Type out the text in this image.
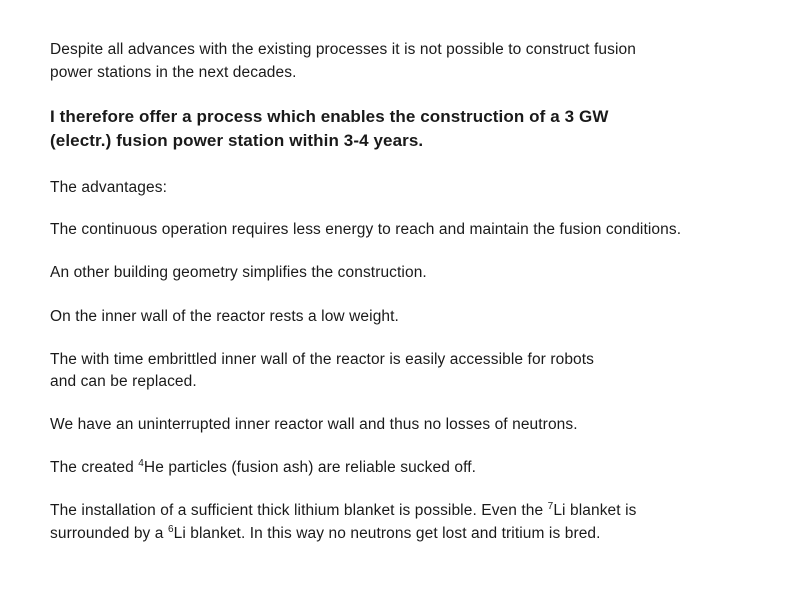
Despite all advances with the existing processes it is not possible to construct fusion
power stations in the next decades.
I therefore offer a process which enables the construction of a 3 GW
(electr.) fusion power station within 3-4 years.
The advantages:
The continuous operation requires less energy to reach and maintain the fusion conditions.
An other building geometry simplifies the construction.
On the inner wall of the reactor rests a low weight.
The with time embrittled inner wall of the reactor is easily accessible for robots
and can be replaced.
We have an uninterrupted inner reactor wall and thus no losses of neutrons.
The created $^4$He particles (fusion ash) are reliable sucked off.
The installation of a sufficient thick lithium blanket is possible. Even the $^7$Li blanket is
surrounded by a $^6$Li blanket. In this way no neutrons get lost and tritium is bred.
